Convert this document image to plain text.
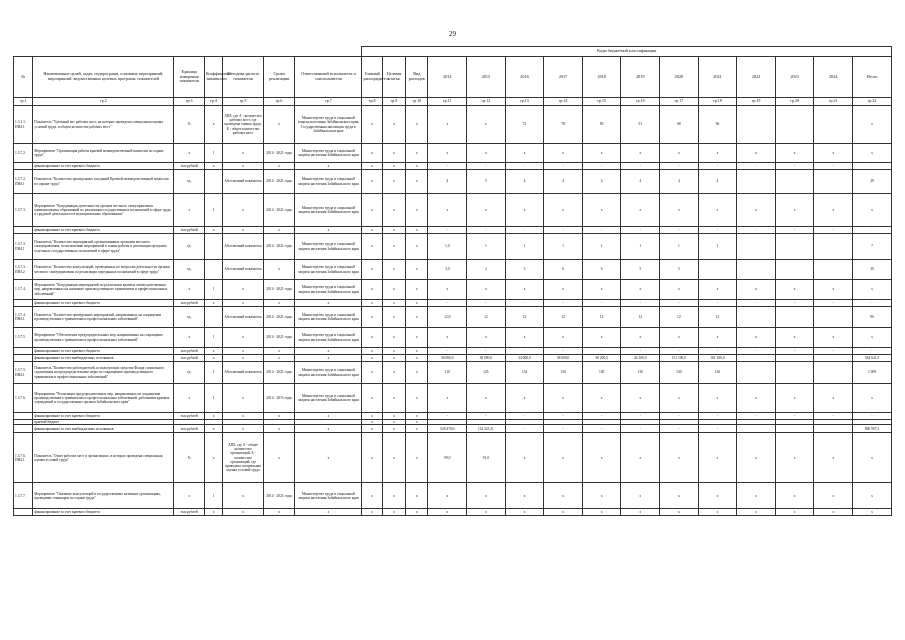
29
							Коды бюджетной классификации														
№	Наименование целей, задач, подпрограмм, основных мероприятий, мероприятий, ведомственных целевых программ, показателей	Единица измерения показателя	Коэффициент значимости	Методика расчета показателя	Сроки реализации	Ответственный исполнитель и соисполнители	Главный распорядитель	Целевая статья	Вид расходов	2014	2015	2016	2017	2018	2019	2020	2021	2022	2023	2024	Итого
гр.1	гр.2	гр.3	гр.4	гр.5	гр.6	гр.7	гр.8	гр.9	гр.10	гр.11	гр.12	гр.13	гр.14	гр.15	гр.16	гр.17	гр.18	гр.19	гр.20	гр.21	гр.22
1.3.1.1. ПН4.1	Показатель "Удельный вес рабочих мест, на которых проведена специальная оценка условий труда, в общем количестве рабочих мест"	%	x	АПБ, где А - количество рабочих мест, где проведена оценка труда, Б - общее количество рабочих мест	x	Министерство труда и социальной защиты населения Забайкальского края, Государственная инспекция труда в Забайкальском крае	x	x	x	x	x	72	78	85	91	98	96				x
1.3.7.2.	Мероприятие "Организация работы краевой межведомственной комиссии по охране труда"	x	1	x	2014 - 2021 годы	Министерство труда и социальной защиты населения Забайкальского края	x	x	x	x	x	x	x	x	x	x	x	x	x	x	x
	финансирование за счет краевого бюджета	тыс.рублей	x	x	x	x	x	x	x	-	-	-	-	-	-	-	-	-	-	-	-
1.3.7.2. ПН4.1	Показатель "Количество проведенных заседаний Краевой межведомственной комиссии по охране труда"	ед.		Абсолютный показатель	2014 - 2021 годы	Министерство труда и социальной защиты населения Забайкальского края	x	x	x	4	5	4	4	4	4	4	4				29
1.3.7.3.	Мероприятие "Координация деятельности органов местного самоуправления муниципальных образований по реализации государственных полномочий в сфере труда и трудовой деятельности в муниципальных образованиях"	x	1	x	2014 - 2021 годы	Министерство труда и социальной защиты населения Забайкальского края	x	x	x	x	x	x	x	x	x	x	x	x	x	x	x
	финансирование за счет краевого бюджета	тыс.рублей	x	x	x	x	x	x	x	-	-	-	-	-	-	-	-	-	-	-	-
1.3.7.3. ПН4.1	Показатель "Количество мероприятий, организованных органами местного самоуправления, по включению мероприятий в планы работы и реализации программ отдельных государственных полномочий в сфере труда"	ед.		Абсолютный показатель	2014 - 2021 годы	Министерство труда и социальной защиты населения Забайкальского края	x	x	x	1,0	1	1	1	1	1	1	1				7
1.3.7.3. ПН4.2	Показатель "Количество консультаций, проведенных по вопросам деятельности органов местного самоуправления по реализации переданных полномочий в сфере труда"	ед.		Абсолютный показатель	x	Министерство труда и социальной защиты населения Забайкальского края	x	x	x	3,0	2	3	6	6	5	5					30
1.3.7.4.	Мероприятие "Координация мероприятий по реализации краевых межведомственных мер, направленных на снижение производственного травматизма и профессиональных заболеваний"	x	1	x	2014 - 2021 годы	Министерство труда и социальной защиты населения Забайкальского края	x	x	x	x	x	x	x	x	x	x	x	x	x	x	x
	финансирование за счет краевого бюджета	тыс.рублей	x	x	x	x	x	x	x	-	-	-	-	-	-	-	-	-	-	-	-
1.3.7.4. ПН4.1	Показатель "Количество проведенных мероприятий, направленных на сокращение производственного травматизма и профессиональных заболеваний"	ед.		Абсолютный показатель	2014 - 2021 годы	Министерство труда и социальной защиты населения Забайкальского края	x	x	x	12,0	12	12	12	12	12	12	12				96
1.3.7.5.	Мероприятие "Обеспечение предупредительных мер, направленных на сокращение производственного травматизма и профессиональных заболеваний"	x	1	x	2014 - 2021 годы	Министерство труда и социальной защиты населения Забайкальского края	x	x	x	x	x	x	x	x	x	x	x	x	x	x	x
	финансирование за счет краевого бюджета	тыс.рублей	x	x	x	x	x	x	x	-	-	-	-	-	-	-	-	-	-	-	-
	финансирование за счет внебюджетных источников	тыс.рублей	x	x	x	x	x	x	x	36 000,0	38 000,0	34 000,0	38 000,0	38 200,5	44 100,0	151 100,0	161 100,0				564 641,5
1.3.7.5. ПН4.1	Показатель "Количество работодателей, использующих средства Фонда социального страхования на предупредительные меры по сокращению производственного травматизма и профессиональных заболеваний"	ед.	1	Абсолютный показатель	2014 - 2021 годы	Министерство труда и социальной защиты населения Забайкальского края	x	x	x	110	125	134	130	130	130	130	130				1 009
1.3.7.6.	Мероприятие "Реализация предупредительных мер, направленных на сокращение производственного травматизма и профессиональных заболеваний, работников краевых учреждений и государственных органов Забайкальского края"	x	1	x	2014 - 2015 годы	Министерство труда и социальной защиты населения Забайкальского края	x	x	x	x	x	x	x	x	x	x	x	x	x	x	x
	финансирование за счет краевого бюджета	тыс.рублей	x	x	x	x	x	x	x	-	-	-	-	-	-	-	-	-	-	-	-
	краевой бюджет						x	x	x												
	финансирование за счет внебюджетных источников	тыс.рублей	x	x	x	x	x	x	x	528 478,6	(32 323,3)	-	-	-	-	-	-				800 997,3
1.3.7.6. ПН4.1	Показатель "Охват рабочих мест в организациях, в которых проведена специальная оценка условий труда"	%	x	АПБ, где А - общее количество организаций, Б - количество организаций, где проведена специальная оценка условий труда	x	x	x	x	x	99,0	91,0	x	x	x	x	x	x	x	x	x	x
1.3.7.7.	Мероприятие "Оказание консультаций в государственных казенных организациях, проведение семинаров по охране труда"	x	1	x	2014 - 2021 годы	Министерство труда и социальной защиты населения Забайкальского края	x	x	x	x	x	x	x	x	x	x	x	x	x	x	x
	финансирование за счет краевого бюджета	тыс.рублей	x	x	x	x	x	x	x	x	x	x	x	x	x	x	x	x	x	x	x
